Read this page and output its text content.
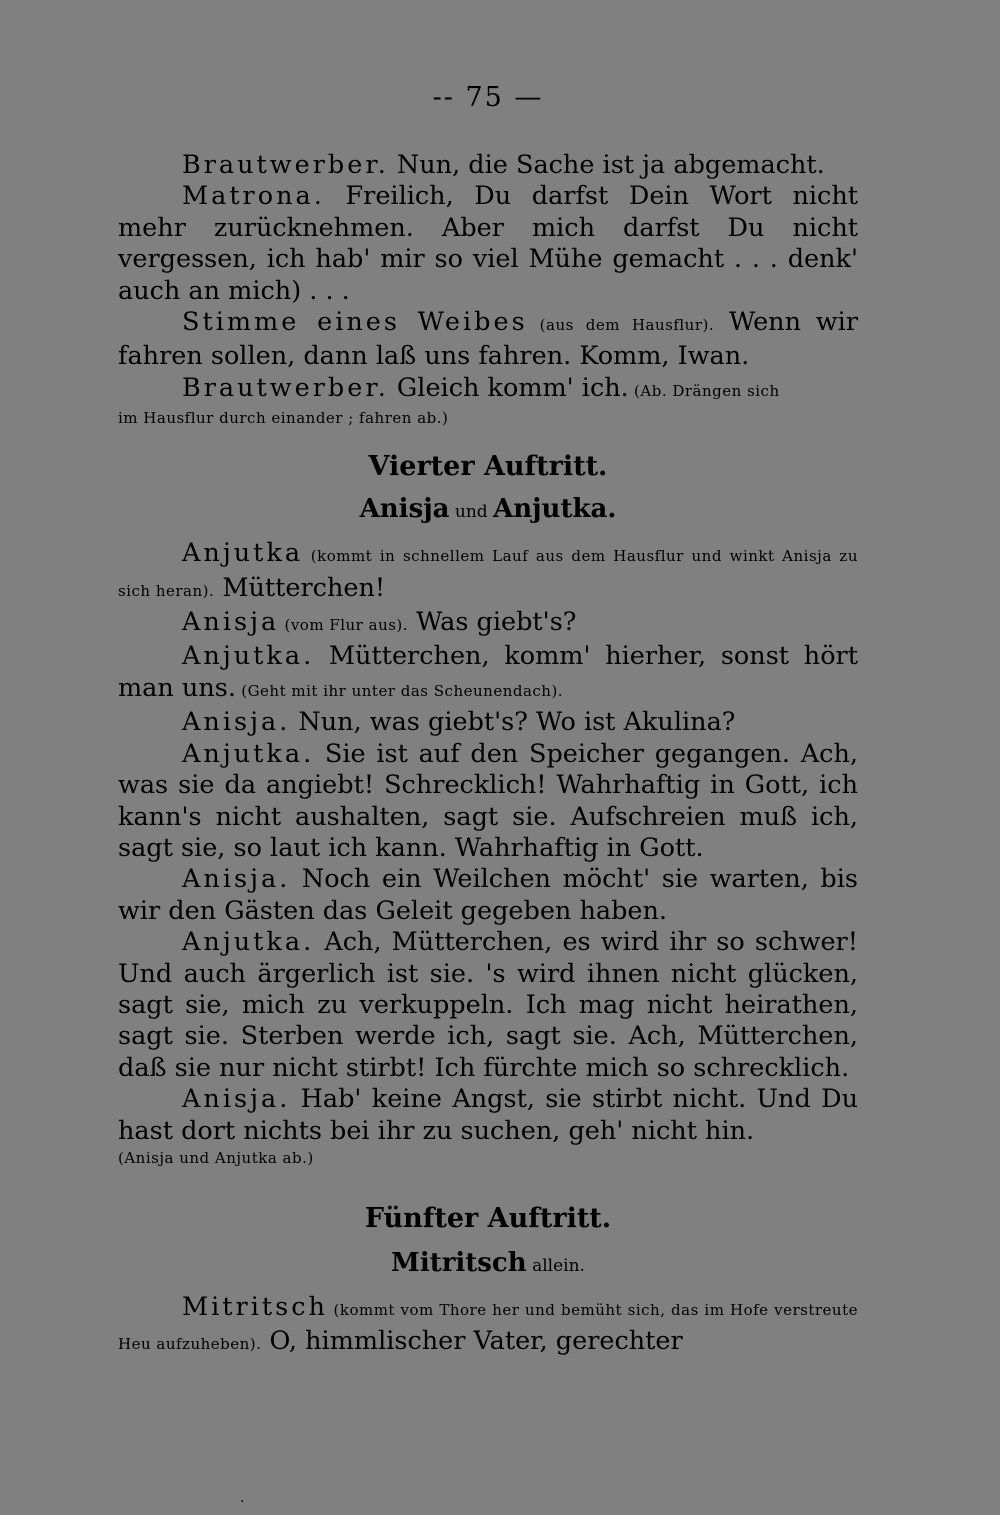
-- 75 —

Brautwerber. Nun, die Sache ist ja abgemacht.

Matrona. Freilich, Du darfst Dein Wort nicht mehr zurücknehmen. Aber mich darfst Du nicht vergessen, ich hab' mir so viel Mühe gemacht . . . denk' auch an mich) . . .

Stimme eines Weibes (aus dem Hausflur). Wenn wir fahren sollen, dann laß uns fahren. Komm, Iwan.

Brautwerber. Gleich komm' ich. (Ab. Drängen sich

im Hausflur durch einander ; fahren ab.)

Vierter Auftritt.

Anisja und Anjutka.

Anjutka (kommt in schnellem Lauf aus dem Hausflur und winkt Anisja zu sich heran). Mütterchen!

Anisja (vom Flur aus). Was giebt's?

Anjutka. Mütterchen, komm' hierher, sonst hört man uns. (Geht mit ihr unter das Scheunendach).

Anisja. Nun, was giebt's? Wo ist Akulina?

Anjutka. Sie ist auf den Speicher gegangen. Ach, was sie da angiebt! Schrecklich! Wahrhaftig in Gott, ich kann's nicht aushalten, sagt sie. Aufschreien muß ich, sagt sie, so laut ich kann. Wahrhaftig in Gott.

Anisja. Noch ein Weilchen möcht' sie warten, bis wir den Gästen das Geleit gegeben haben.

Anjutka. Ach, Mütterchen, es wird ihr so schwer! Und auch ärgerlich ist sie. 's wird ihnen nicht glücken, sagt sie, mich zu verkuppeln. Ich mag nicht heirathen, sagt sie. Sterben werde ich, sagt sie. Ach, Mütterchen, daß sie nur nicht stirbt! Ich fürchte mich so schrecklich.

Anisja. Hab' keine Angst, sie stirbt nicht. Und Du hast dort nichts bei ihr zu suchen, geh' nicht hin.

(Anisja und Anjutka ab.)

Fünfter Auftritt.

Mitritsch allein.

Mitritsch (kommt vom Thore her und bemüht sich, das im Hofe verstreute Heu aufzuheben). O, himmlischer Vater, gerechter

.
